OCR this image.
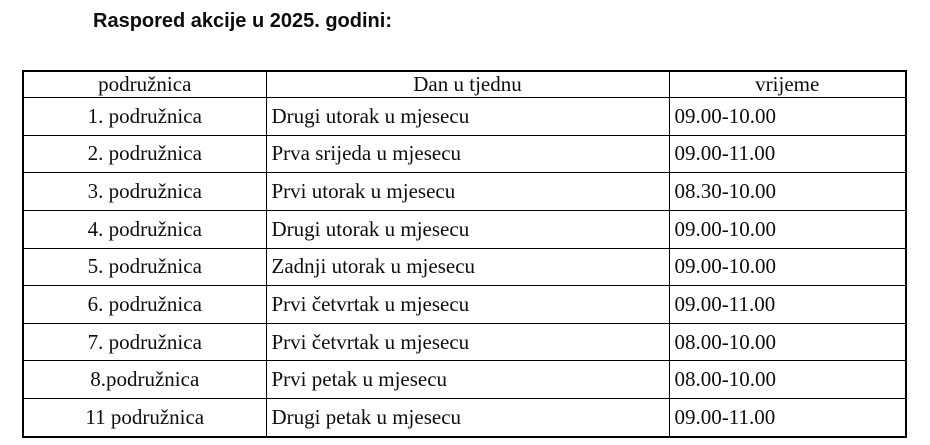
Raspored akcije u 2025. godini:
podružnica	Dan u tjednu	vrijeme
1. podružnica	Drugi utorak u mjesecu	09.00-10.00
2. podružnica	Prva srijeda u mjesecu	09.00-11.00
3. podružnica	Prvi utorak u mjesecu	08.30-10.00
4. podružnica	Drugi utorak u mjesecu	09.00-10.00
5. podružnica	Zadnji utorak u mjesecu	09.00-10.00
6. podružnica	Prvi četvrtak u mjesecu	09.00-11.00
7. podružnica	Prvi četvrtak u mjesecu	08.00-10.00
8.podružnica	Prvi petak u mjesecu	08.00-10.00
11 podružnica	Drugi petak u mjesecu	09.00-11.00
